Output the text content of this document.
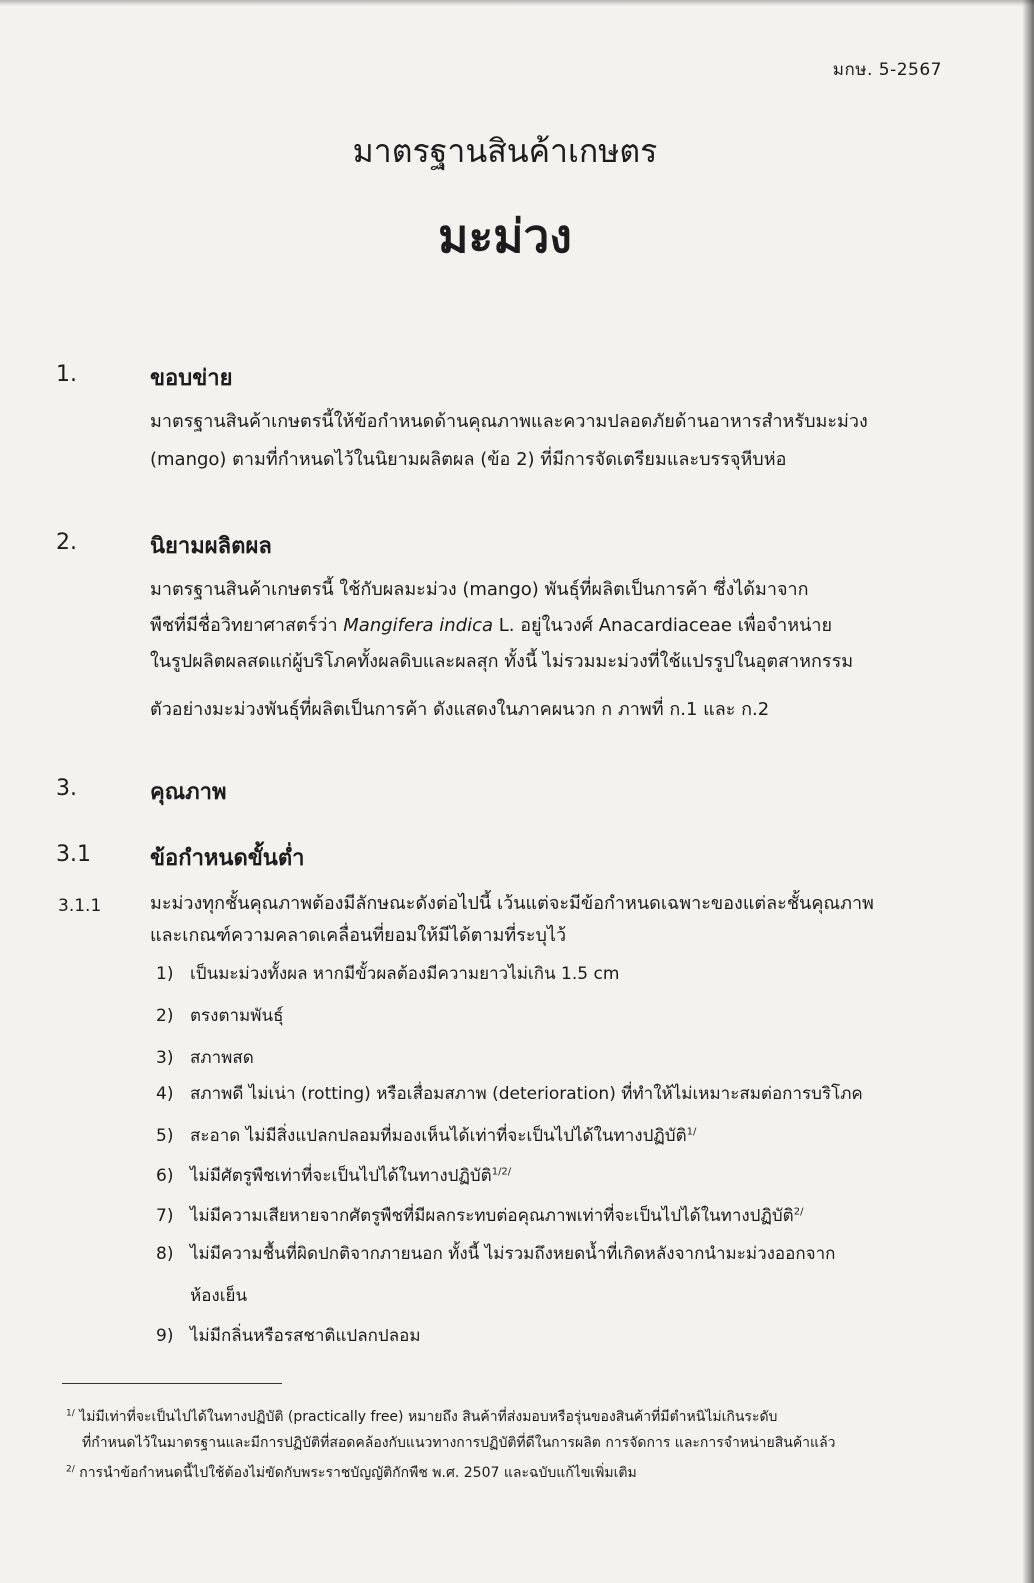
มกษ. 5-2567
มาตรฐานสินค้าเกษตร
มะม่วง
1.	ขอบข่าย
มาตรฐานสินค้าเกษตรนี้ให้ข้อกำหนดด้านคุณภาพและความปลอดภัยด้านอาหารสำหรับมะม่วง
(mango) ตามที่กำหนดไว้ในนิยามผลิตผล (ข้อ 2) ที่มีการจัดเตรียมและบรรจุหีบห่อ
2.	นิยามผลิตผล
มาตรฐานสินค้าเกษตรนี้ ใช้กับผลมะม่วง (mango) พันธุ์ที่ผลิตเป็นการค้า ซึ่งได้มาจาก
พืชที่มีชื่อวิทยาศาสตร์ว่า Mangifera indica L. อยู่ในวงศ์ Anacardiaceae เพื่อจำหน่าย
ในรูปผลิตผลสดแก่ผู้บริโภคทั้งผลดิบและผลสุก ทั้งนี้ ไม่รวมมะม่วงที่ใช้แปรรูปในอุตสาหกรรม
ตัวอย่างมะม่วงพันธุ์ที่ผลิตเป็นการค้า ดังแสดงในภาคผนวก ก ภาพที่ ก.1 และ ก.2
3.	คุณภาพ
3.1	ข้อกำหนดขั้นต่ำ
3.1.1	มะม่วงทุกชั้นคุณภาพต้องมีลักษณะดังต่อไปนี้ เว้นแต่จะมีข้อกำหนดเฉพาะของแต่ละชั้นคุณภาพ
และเกณฑ์ความคลาดเคลื่อนที่ยอมให้มีได้ตามที่ระบุไว้
1) เป็นมะม่วงทั้งผล หากมีขั้วผลต้องมีความยาวไม่เกิน 1.5 cm
2) ตรงตามพันธุ์
3) สภาพสด
4) สภาพดี ไม่เน่า (rotting) หรือเสื่อมสภาพ (deterioration) ที่ทำให้ไม่เหมาะสมต่อการบริโภค
5) สะอาด ไม่มีสิ่งแปลกปลอมที่มองเห็นได้เท่าที่จะเป็นไปได้ในทางปฏิบัติ$^{1/}$
6) ไม่มีศัตรูพืชเท่าที่จะเป็นไปได้ในทางปฏิบัติ$^{1/2/}$
7) ไม่มีความเสียหายจากศัตรูพืชที่มีผลกระทบต่อคุณภาพเท่าที่จะเป็นไปได้ในทางปฏิบัติ$^{2/}$
8) ไม่มีความชื้นที่ผิดปกติจากภายนอก ทั้งนี้ ไม่รวมถึงหยดน้ำที่เกิดหลังจากนำมะม่วงออกจาก
ห้องเย็น
9) ไม่มีกลิ่นหรือรสชาติแปลกปลอม
$^{1/}$ ไม่มีเท่าที่จะเป็นไปได้ในทางปฏิบัติ (practically free) หมายถึง สินค้าที่ส่งมอบหรือรุ่นของสินค้าที่มีตำหนิไม่เกินระดับ
ที่กำหนดไว้ในมาตรฐานและมีการปฏิบัติที่สอดคล้องกับแนวทางการปฏิบัติที่ดีในการผลิต การจัดการ และการจำหน่ายสินค้าแล้ว
$^{2/}$ การนำข้อกำหนดนี้ไปใช้ต้องไม่ขัดกับพระราชบัญญัติกักพืช พ.ศ. 2507 และฉบับแก้ไขเพิ่มเติม
